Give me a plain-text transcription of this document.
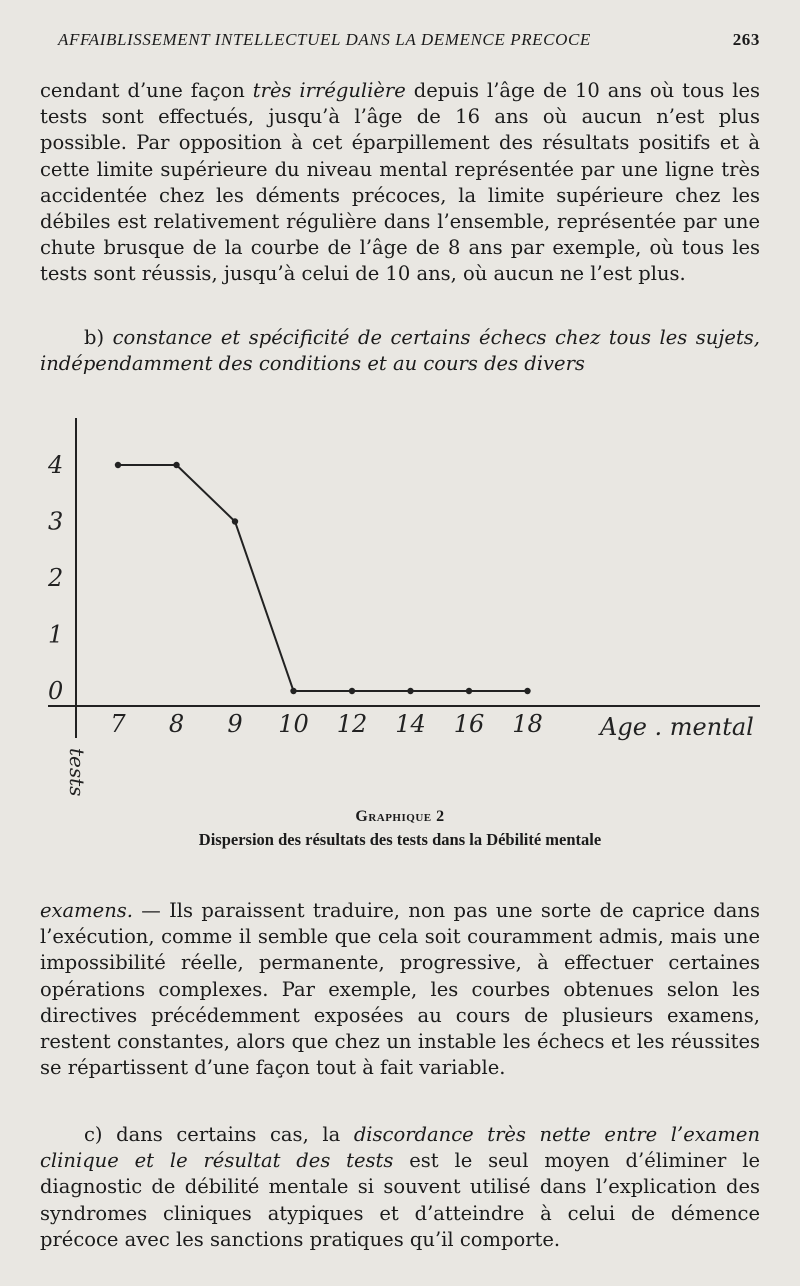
AFFAIBLISSEMENT INTELLECTUEL DANS LA DEMENCE PRECOCE	263

cendant d’une façon très irrégulière depuis l’âge de 10 ans où tous les tests sont effectués, jusqu’à l’âge de 16 ans où aucun n’est plus possible. Par opposition à cet éparpillement des résultats positifs et à cette limite supérieure du niveau mental représentée par une ligne très accidentée chez les déments précoces, la limite supérieure chez les débiles est relativement régulière dans l’ensemble, représentée par une chute brusque de la courbe de l’âge de 8 ans par exemple, où tous les tests sont réussis, jusqu’à celui de 10 ans, où aucun ne l’est plus.

b) constance et spécificité de certains échecs chez tous les sujets, indépendamment des conditions et au cours des divers

4
3
2
1
0
7 8 9 10 12 14 16 18 Age . mental
tests
Graphique 2
Dispersion des résultats des tests dans la Débilité mentale

examens. — Ils paraissent traduire, non pas une sorte de caprice dans l’exécution, comme il semble que cela soit couramment admis, mais une impossibilité réelle, permanente, progressive, à effectuer certaines opérations complexes. Par exemple, les courbes obtenues selon les directives précédemment exposées au cours de plusieurs examens, restent constantes, alors que chez un instable les échecs et les réussites se répartissent d’une façon tout à fait variable.

c) dans certains cas, la discordance très nette entre l’examen clinique et le résultat des tests est le seul moyen d’éliminer le diagnostic de débilité mentale si souvent utilisé dans l’explication des syndromes cliniques atypiques et d’atteindre à celui de démence précoce avec les sanctions pratiques qu’il comporte.
